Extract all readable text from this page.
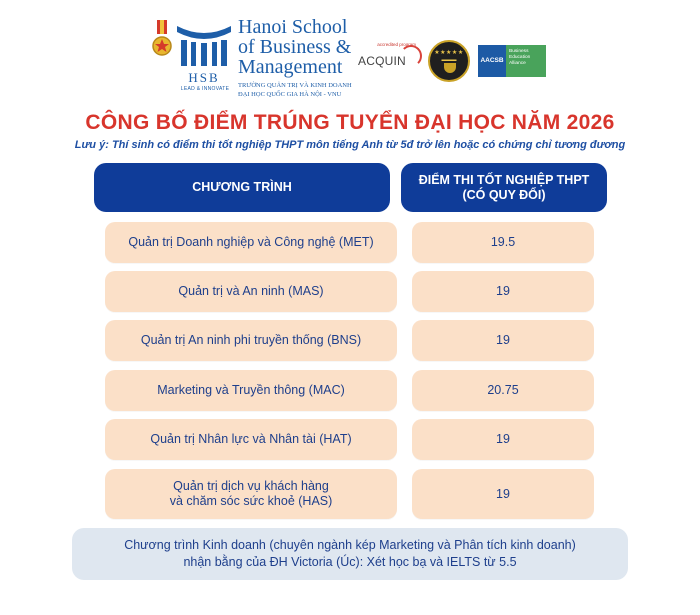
HSB
LEAD & INNOVATE
Hanoi School
of Business &
Management
TRƯỜNG QUẢN TRỊ VÀ KINH DOANH
ĐẠI HỌC QUỐC GIA HÀ NỘI - VNU
accredited program
ACQUIN
★★★★★
▬▬▬	AACSB
Business Education Alliance
CÔNG BỐ ĐIỂM TRÚNG TUYỂN ĐẠI HỌC NĂM 2026
Lưu ý: Thí sinh có điểm thi tốt nghiệp THPT môn tiếng Anh từ 5đ trở lên hoặc có chứng chỉ tương đương
CHƯƠNG TRÌNH
ĐIỂM THI TỐT NGHIỆP THPT
(CÓ QUY ĐỔI)
Quản trị Doanh nghiệp và Công nghệ (MET)	19.5
Quản trị và An ninh (MAS)	19
Quản trị An ninh phi truyền thống (BNS)	19
Marketing và Truyền thông (MAC)	20.75
Quản trị Nhân lực và Nhân tài (HAT)	19
Quản trị dịch vụ khách hàng
và chăm sóc sức khoẻ (HAS)
19
Chương trình Kinh doanh (chuyên ngành kép Marketing và Phân tích kinh doanh)
nhận bằng của ĐH Victoria (Úc): Xét học bạ và IELTS từ 5.5
